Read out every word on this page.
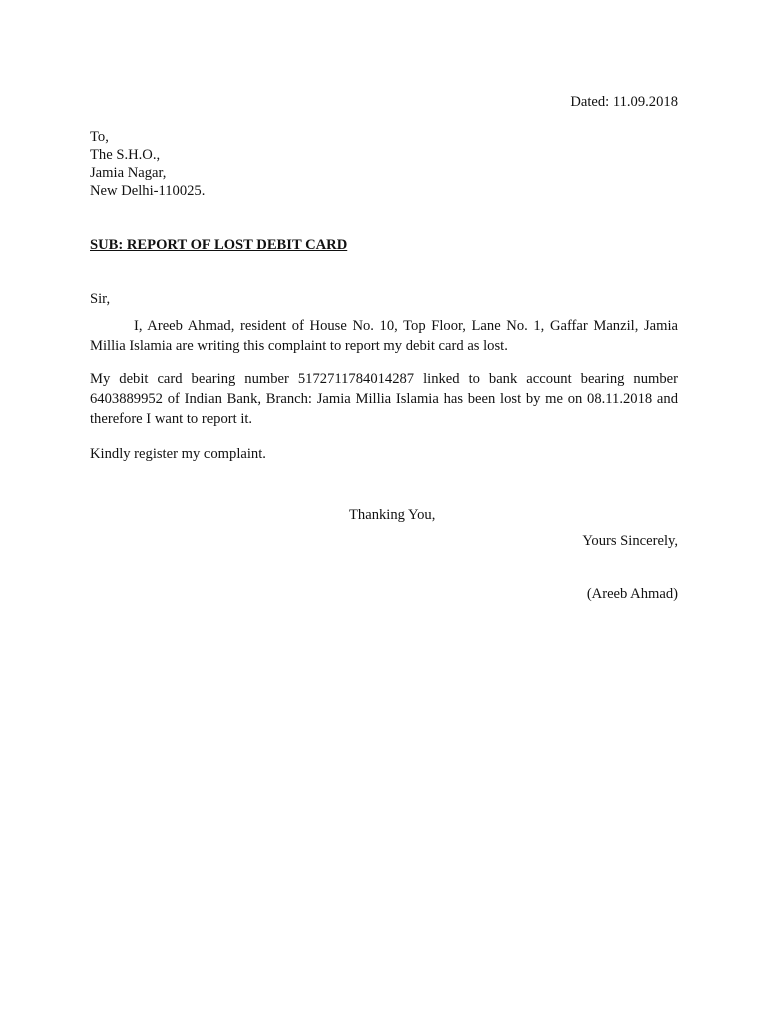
Dated: 11.09.2018
To,
The S.H.O.,
Jamia Nagar,
New Delhi-110025.
SUB: REPORT OF LOST DEBIT CARD
Sir,
I, Areeb Ahmad, resident of House No. 10, Top Floor, Lane No. 1, Gaffar Manzil, Jamia Millia Islamia are writing this complaint to report my debit card as lost.
My debit card bearing number 5172711784014287 linked to bank account bearing number 6403889952 of Indian Bank, Branch: Jamia Millia Islamia has been lost by me on 08.11.2018 and therefore I want to report it.
Kindly register my complaint.
Thanking You,
Yours Sincerely,
(Areeb Ahmad)
